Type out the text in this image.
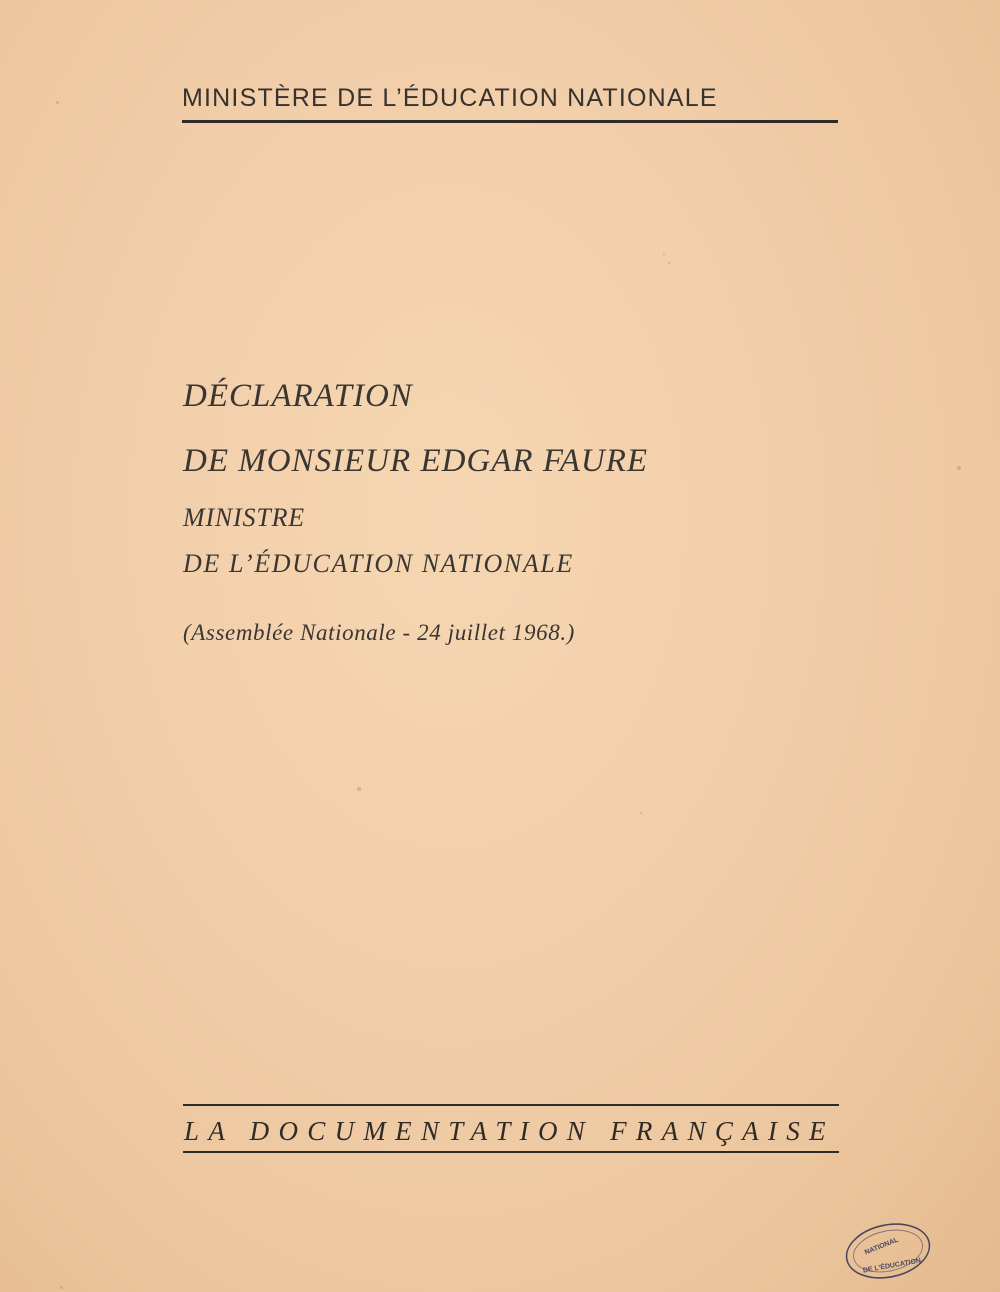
MINISTÈRE DE L’ÉDUCATION NATIONALE
DÉCLARATION
DE MONSIEUR EDGAR FAURE
MINISTRE
DE L’ÉDUCATION NATIONALE
(Assemblée Nationale - 24 juillet 1968.)
LA DOCUMENTATION FRANÇAISE
NATIONAL
DE L'ÉDUCATION
